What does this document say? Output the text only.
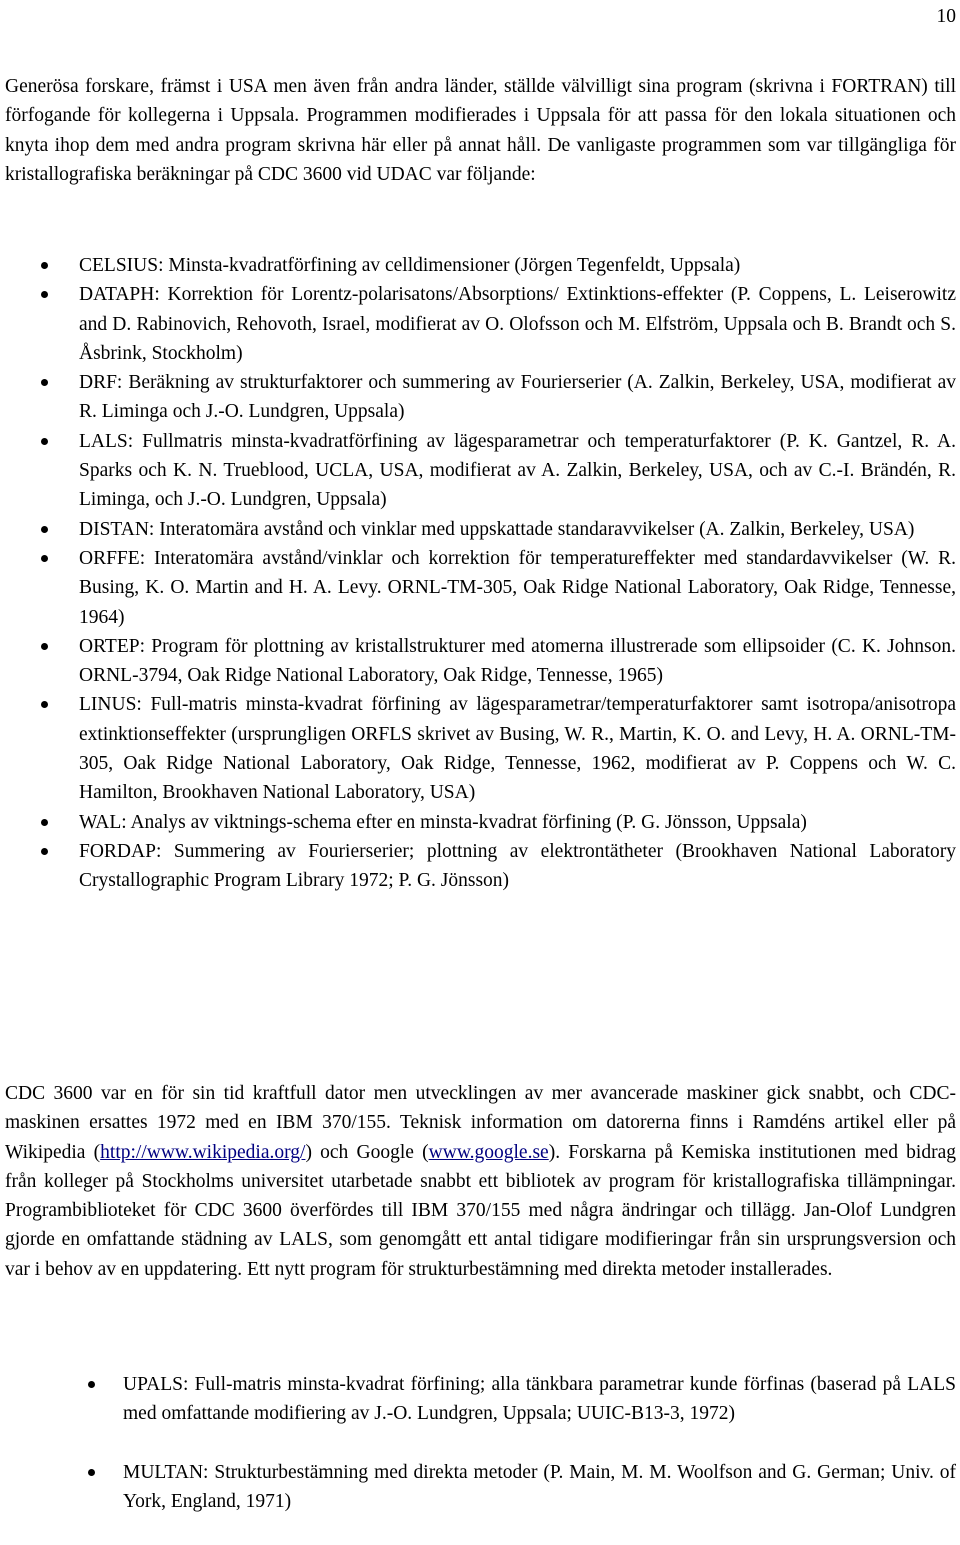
10

Generösa forskare, främst i USA men även från andra länder, ställde välvilligt sina program (skrivna i FORTRAN) till förfogande för kollegerna i Uppsala. Programmen modifierades i Uppsala för att passa för den lokala situationen och knyta ihop dem med andra program skrivna här eller på annat håll. De vanligaste programmen som var tillgängliga för kristallografiska beräkningar på CDC 3600 vid UDAC var följande:

CELSIUS: Minsta-kvadratförfining av celldimensioner (Jörgen Tegenfeldt, Uppsala)
DATAPH: Korrektion för Lorentz-polarisatons/Absorptions/ Extinktions-effekter (P. Coppens, L. Leiserowitz and D. Rabinovich, Rehovoth, Israel, modifierat av O. Olofsson och M. Elfström, Uppsala och B. Brandt och S. Åsbrink, Stockholm)
DRF: Beräkning av strukturfaktorer och summering av Fourierserier (A. Zalkin, Berkeley, USA, modifierat av R. Liminga och J.-O. Lundgren, Uppsala)
LALS: Fullmatris minsta-kvadratförfining av lägesparametrar och temperaturfaktorer (P. K. Gantzel, R. A. Sparks och K. N. Trueblood, UCLA, USA, modifierat av A. Zalkin, Berkeley, USA, och av C.-I. Brändén, R. Liminga, och J.-O. Lundgren, Uppsala)
DISTAN: Interatomära avstånd och vinklar med uppskattade standaravvikelser (A. Zalkin, Berkeley, USA)
ORFFE: Interatomära avstånd/vinklar och korrektion för temperatureffekter med standardavvikelser (W. R. Busing, K. O. Martin and H. A. Levy. ORNL-TM-305, Oak Ridge National Laboratory, Oak Ridge, Tennesse, 1964)
ORTEP: Program för plottning av kristallstrukturer med atomerna illustrerade som ellipsoider (C. K. Johnson. ORNL-3794, Oak Ridge National Laboratory, Oak Ridge, Tennesse, 1965)
LINUS: Full-matris minsta-kvadrat förfining av lägesparametrar/temperaturfaktorer samt isotropa/anisotropa extinktionseffekter (ursprungligen ORFLS skrivet av Busing, W. R., Martin, K. O. and Levy, H. A. ORNL-TM-305, Oak Ridge National Laboratory, Oak Ridge, Tennesse, 1962, modifierat av P. Coppens och W. C. Hamilton, Brookhaven National Laboratory, USA)
WAL: Analys av viktnings-schema efter en minsta-kvadrat förfining (P. G. Jönsson, Uppsala)
FORDAP: Summering av Fourierserier; plottning av elektrontätheter (Brookhaven National Laboratory Crystallographic Program Library 1972; P. G. Jönsson)

CDC 3600 var en för sin tid kraftfull dator men utvecklingen av mer avancerade maskiner gick snabbt, och CDC-maskinen ersattes 1972 med en IBM 370/155. Teknisk information om datorerna finns i Ramdéns artikel eller på Wikipedia (http://www.wikipedia.org/) och Google (www.google.se). Forskarna på Kemiska institutionen med bidrag från kolleger på Stockholms universitet utarbetade snabbt ett bibliotek av program för kristallografiska tillämpningar. Programbiblioteket för CDC 3600 överfördes till IBM 370/155 med några ändringar och tillägg. Jan-Olof Lundgren gjorde en omfattande städning av LALS, som genomgått ett antal tidigare modifieringar från sin ursprungsversion och var i behov av en uppdatering. Ett nytt program för strukturbestämning med direkta metoder installerades.

UPALS: Full-matris minsta-kvadrat förfining; alla tänkbara parametrar kunde förfinas (baserad på LALS med omfattande modifiering av J.-O. Lundgren, Uppsala; UUIC-B13-3, 1972)
MULTAN: Strukturbestämning med direkta metoder (P. Main, M. M. Woolfson and G. German; Univ. of York, England, 1971)
